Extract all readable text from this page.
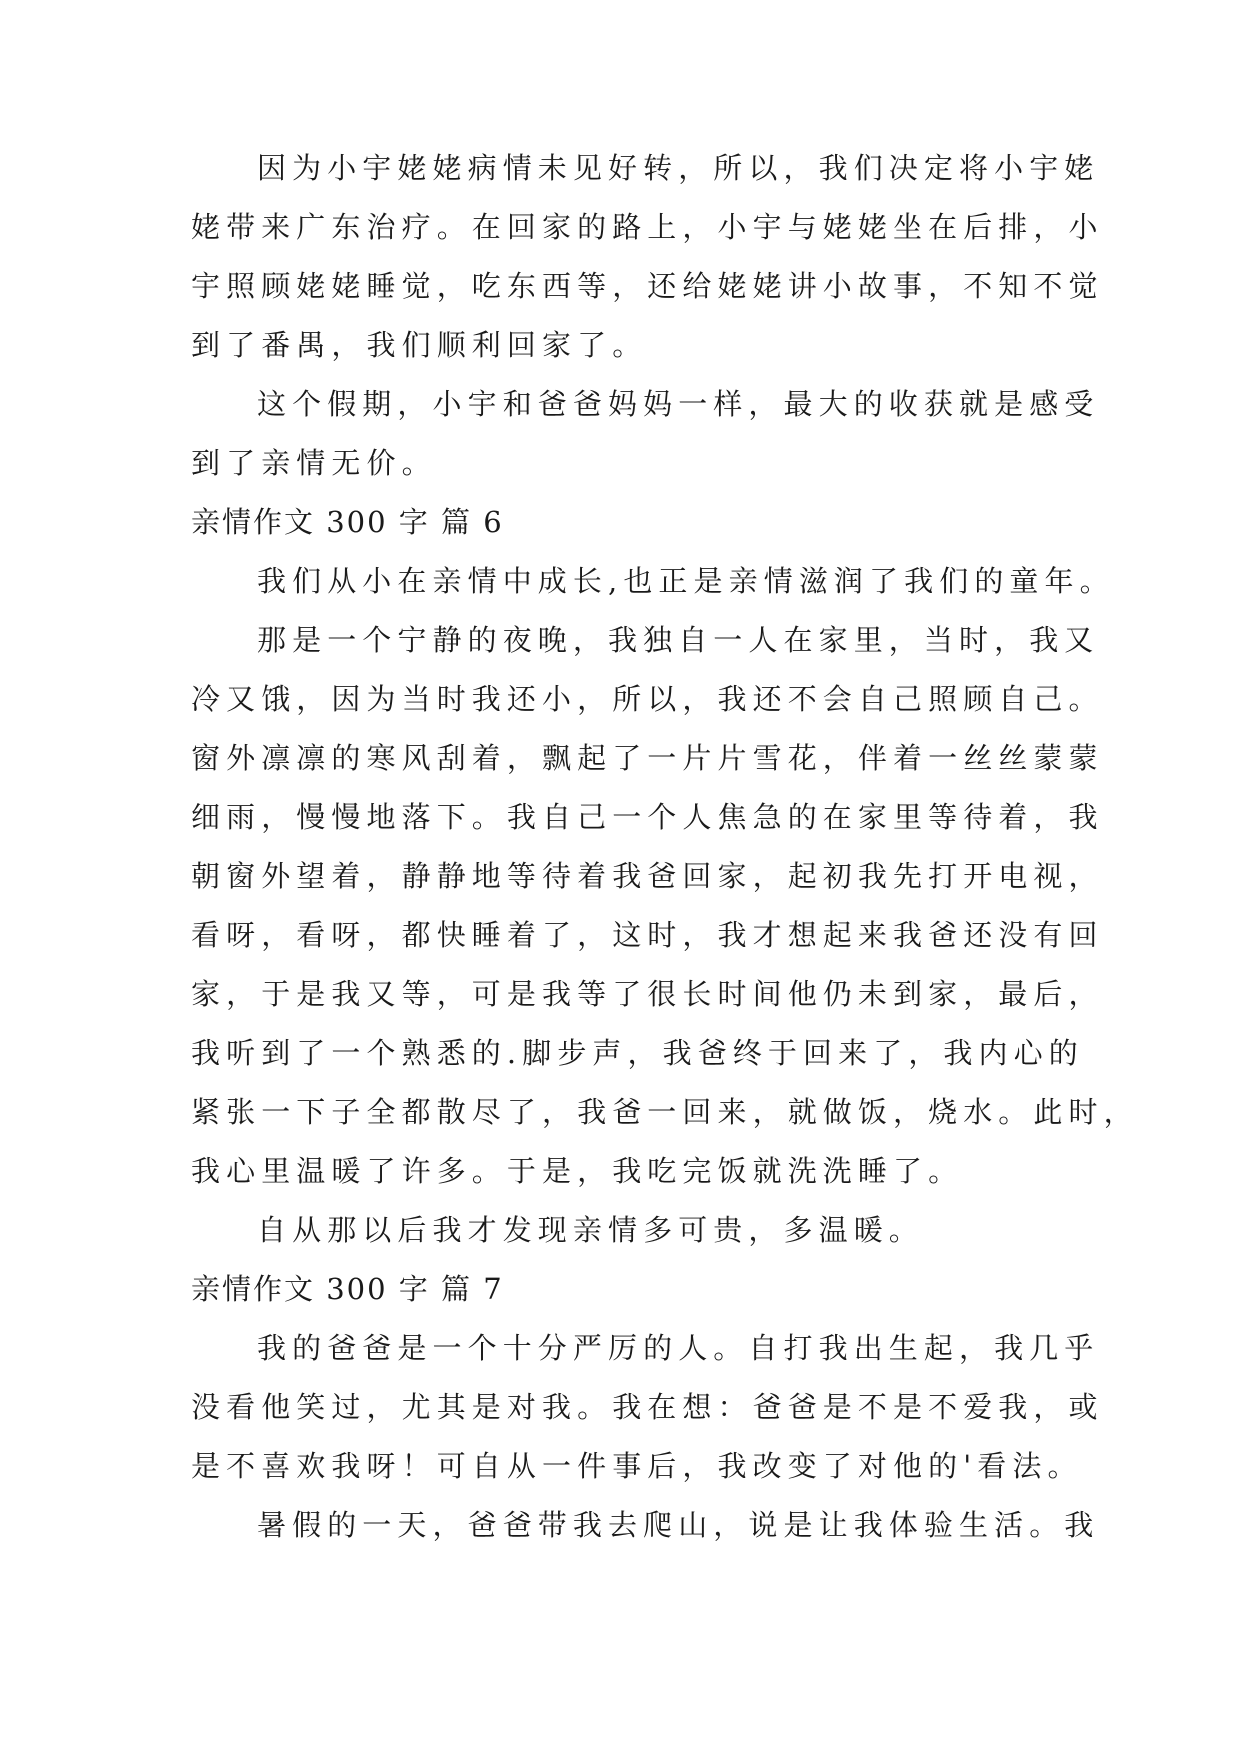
因为小宇姥姥病情未见好转，所以，我们决定将小宇姥

姥带来广东治疗。在回家的路上，小宇与姥姥坐在后排，小

宇照顾姥姥睡觉，吃东西等，还给姥姥讲小故事，不知不觉

到了番禺，我们顺利回家了。

这个假期，小宇和爸爸妈妈一样，最大的收获就是感受

到了亲情无价。

亲情作文 300 字 篇 6

我们从小在亲情中成长,也正是亲情滋润了我们的童年。

那是一个宁静的夜晚，我独自一人在家里，当时，我又

冷又饿，因为当时我还小，所以，我还不会自己照顾自己。

窗外凛凛的寒风刮着，飘起了一片片雪花，伴着一丝丝蒙蒙

细雨，慢慢地落下。我自己一个人焦急的在家里等待着，我

朝窗外望着，静静地等待着我爸回家，起初我先打开电视，

看呀，看呀，都快睡着了，这时，我才想起来我爸还没有回

家，于是我又等，可是我等了很长时间他仍未到家，最后，

我听到了一个熟悉的.脚步声，我爸终于回来了，我内心的

紧张一下子全都散尽了，我爸一回来，就做饭，烧水。此时，

我心里温暖了许多。于是，我吃完饭就洗洗睡了。

自从那以后我才发现亲情多可贵，多温暖。

亲情作文 300 字 篇 7

我的爸爸是一个十分严厉的人。自打我出生起，我几乎

没看他笑过，尤其是对我。我在想：爸爸是不是不爱我，或

是不喜欢我呀！可自从一件事后，我改变了对他的'看法。

暑假的一天，爸爸带我去爬山，说是让我体验生活。我
